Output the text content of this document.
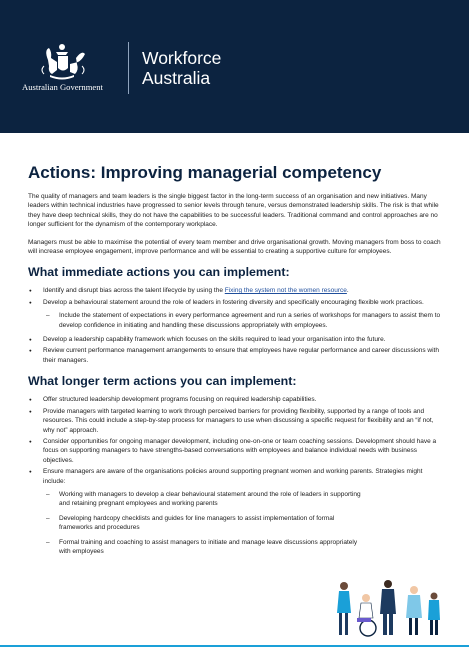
Australian Government
Workforce
Australia
Actions: Improving managerial competency

The quality of managers and team leaders is the single biggest factor in the long-term success of an organisation and new initiatives. Many leaders within technical industries have progressed to senior levels through tenure, versus demonstrated leadership skills. The risk is that while they have deep technical skills, they do not have the capabilities to be successful leaders. Traditional command and control approaches are no longer sufficient for the dynamism of the contemporary workplace.

Managers must be able to maximise the potential of every team member and drive organisational growth. Moving managers from boss to coach will increase employee engagement, improve performance and will be essential to creating a supportive culture for employees.

What immediate actions you can implement:
● Identify and disrupt bias across the talent lifecycle by using the Fixing the system not the women resource.
● Develop a behavioural statement around the role of leaders in fostering diversity and specifically encouraging flexible work practices.
– Include the statement of expectations in every performance agreement and run a series of workshops for managers to assist them to develop confidence in initiating and handling these discussions appropriately with employees.
● Develop a leadership capability framework which focuses on the skills required to lead your organisation into the future.
● Review current performance management arrangements to ensure that employees have regular performance and career discussions with their managers.
What longer term actions you can implement:
● Offer structured leadership development programs focusing on required leadership capabilities.
● Provide managers with targeted learning to work through perceived barriers for providing flexibility, supported by a range of tools and resources. This could include a step-by-step process for managers to use when discussing a specific request for flexibility and an “if not, why not” approach.
● Consider opportunities for ongoing manager development, including one-on-one or team coaching sessions. Development should have a focus on supporting managers to have strengths-based conversations with employees and balance individual needs with business objectives.
● Ensure managers are aware of the organisations policies around supporting pregnant women and working parents. Strategies might include:
– Working with managers to develop a clear behavioural statement around the role of leaders in supporting and retaining pregnant employees and working parents
– Developing hardcopy checklists and guides for line managers to assist implementation of formal frameworks and procedures
– Formal training and coaching to assist managers to initiate and manage leave discussions appropriately with employees
